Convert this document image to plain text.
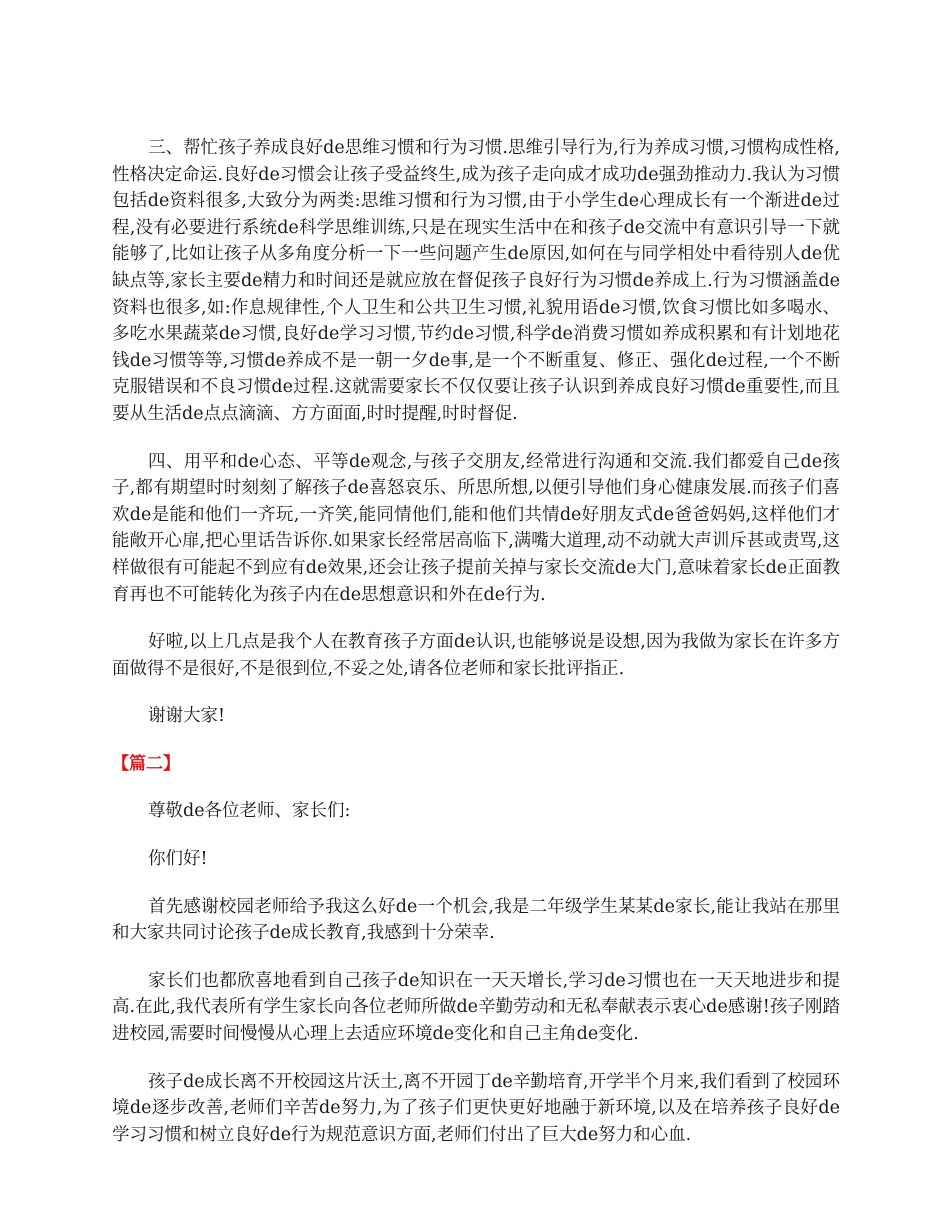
三、帮忙孩子养成良好de思维习惯和行为习惯.思维引导行为,行为养成习惯,习惯构成性格,性格决定命运.良好de习惯会让孩子受益终生,成为孩子走向成才成功de强劲推动力.我认为习惯包括de资料很多,大致分为两类:思维习惯和行为习惯,由于小学生de心理成长有一个渐进de过程,没有必要进行系统de科学思维训练,只是在现实生活中在和孩子de交流中有意识引导一下就能够了,比如让孩子从多角度分析一下一些问题产生de原因,如何在与同学相处中看待别人de优缺点等,家长主要de精力和时间还是就应放在督促孩子良好行为习惯de养成上.行为习惯涵盖de资料也很多,如:作息规律性,个人卫生和公共卫生习惯,礼貌用语de习惯,饮食习惯比如多喝水、多吃水果蔬菜de习惯,良好de学习习惯,节约de习惯,科学de消费习惯如养成积累和有计划地花钱de习惯等等,习惯de养成不是一朝一夕de事,是一个不断重复、修正、强化de过程,一个不断克服错误和不良习惯de过程.这就需要家长不仅仅要让孩子认识到养成良好习惯de重要性,而且要从生活de点点滴滴、方方面面,时时提醒,时时督促.

四、用平和de心态、平等de观念,与孩子交朋友,经常进行沟通和交流.我们都爱自己de孩子,都有期望时时刻刻了解孩子de喜怒哀乐、所思所想,以便引导他们身心健康发展.而孩子们喜欢de是能和他们一齐玩,一齐笑,能同情他们,能和他们共情de好朋友式de爸爸妈妈,这样他们才能敞开心扉,把心里话告诉你.如果家长经常居高临下,满嘴大道理,动不动就大声训斥甚或责骂,这样做很有可能起不到应有de效果,还会让孩子提前关掉与家长交流de大门,意味着家长de正面教育再也不可能转化为孩子内在de思想意识和外在de行为.

好啦,以上几点是我个人在教育孩子方面de认识,也能够说是设想,因为我做为家长在许多方面做得不是很好,不是很到位,不妥之处,请各位老师和家长批评指正.

谢谢大家!

【篇二】

尊敬de各位老师、家长们:

你们好!

首先感谢校园老师给予我这么好de一个机会,我是二年级学生某某de家长,能让我站在那里和大家共同讨论孩子de成长教育,我感到十分荣幸.

家长们也都欣喜地看到自己孩子de知识在一天天增长,学习de习惯也在一天天地进步和提高.在此,我代表所有学生家长向各位老师所做de辛勤劳动和无私奉献表示衷心de感谢!孩子刚踏进校园,需要时间慢慢从心理上去适应环境de变化和自己主角de变化.

孩子de成长离不开校园这片沃土,离不开园丁de辛勤培育,开学半个月来,我们看到了校园环境de逐步改善,老师们辛苦de努力,为了孩子们更快更好地融于新环境,以及在培养孩子良好de学习习惯和树立良好de行为规范意识方面,老师们付出了巨大de努力和心血.
